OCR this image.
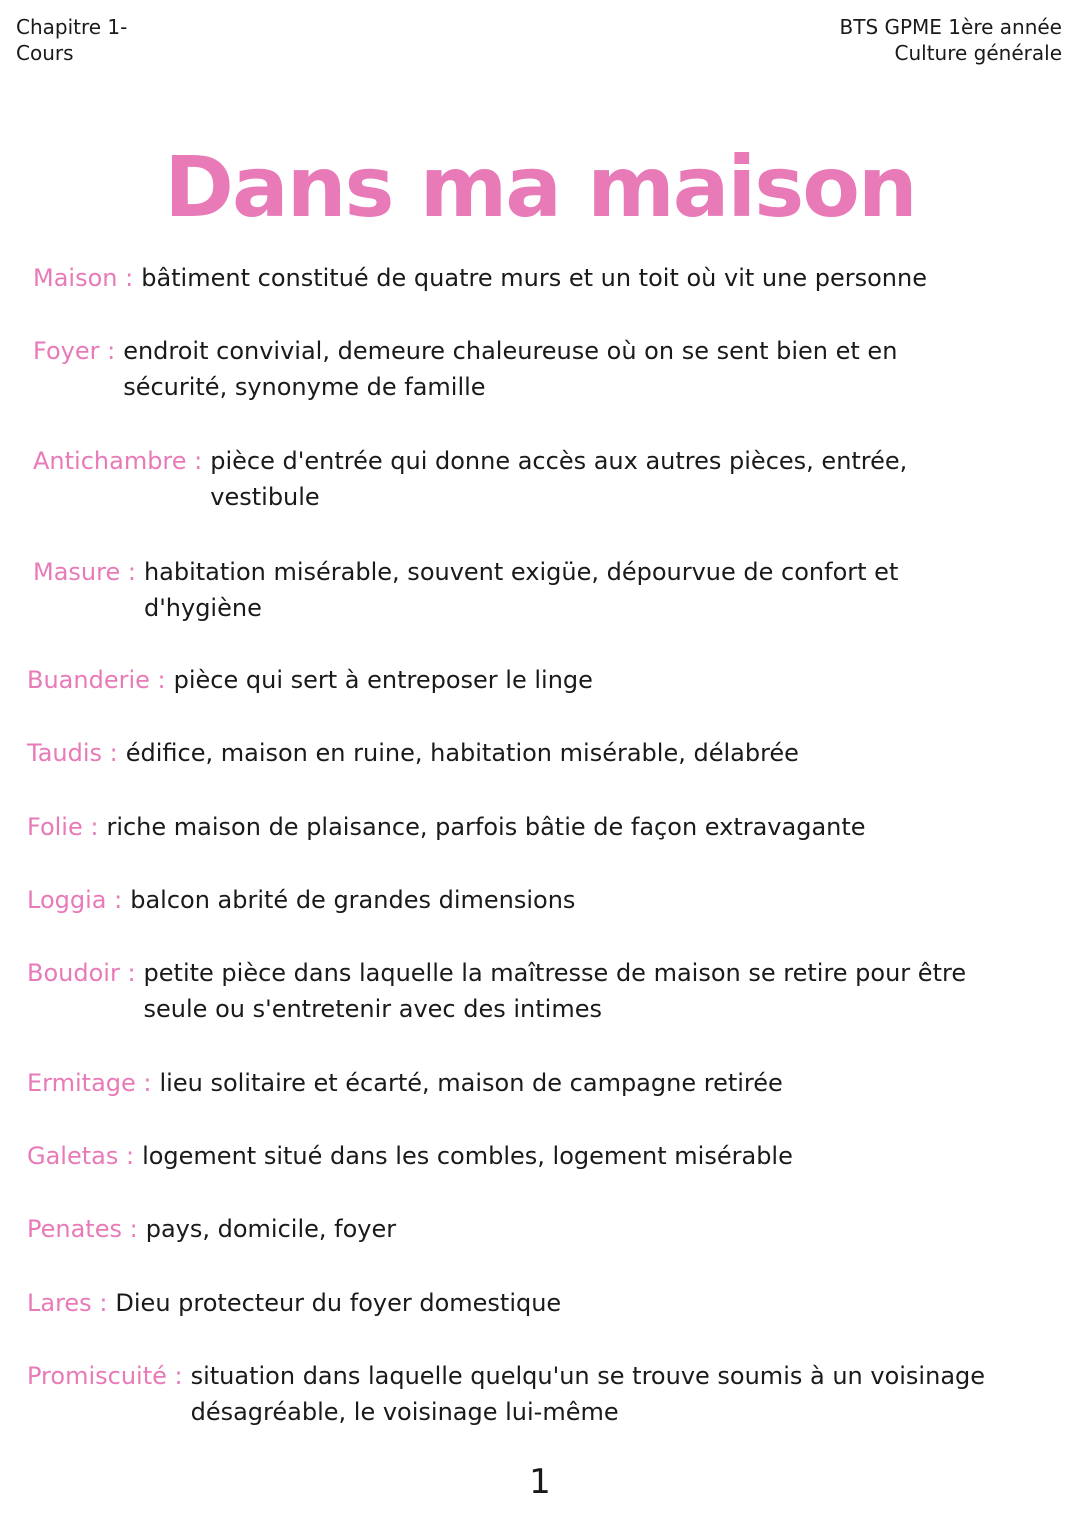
Chapitre 1-
Cours
BTS GPME 1ère année
Culture générale
Dans ma maison
Maison : bâtiment constitué de quatre murs et un toit où vit une personne
Foyer : endroit convivial, demeure chaleureuse où on se sent bien et en sécurité, synonyme de famille
Antichambre : pièce d'entrée qui donne accès aux autres pièces, entrée, vestibule
Masure : habitation misérable, souvent exigüe, dépourvue de confort et d'hygiène
Buanderie : pièce qui sert à entreposer le linge
Taudis : édifice, maison en ruine, habitation misérable, délabrée
Folie : riche maison de plaisance, parfois bâtie de façon extravagante
Loggia : balcon abrité de grandes dimensions
Boudoir : petite pièce dans laquelle la maîtresse de maison se retire pour être seule ou s'entretenir avec des intimes
Ermitage : lieu solitaire et écarté, maison de campagne retirée
Galetas : logement situé dans les combles, logement misérable
Penates : pays, domicile, foyer
Lares : Dieu protecteur du foyer domestique
Promiscuité : situation dans laquelle quelqu'un se trouve soumis à un voisinage désagréable, le voisinage lui-même
1
